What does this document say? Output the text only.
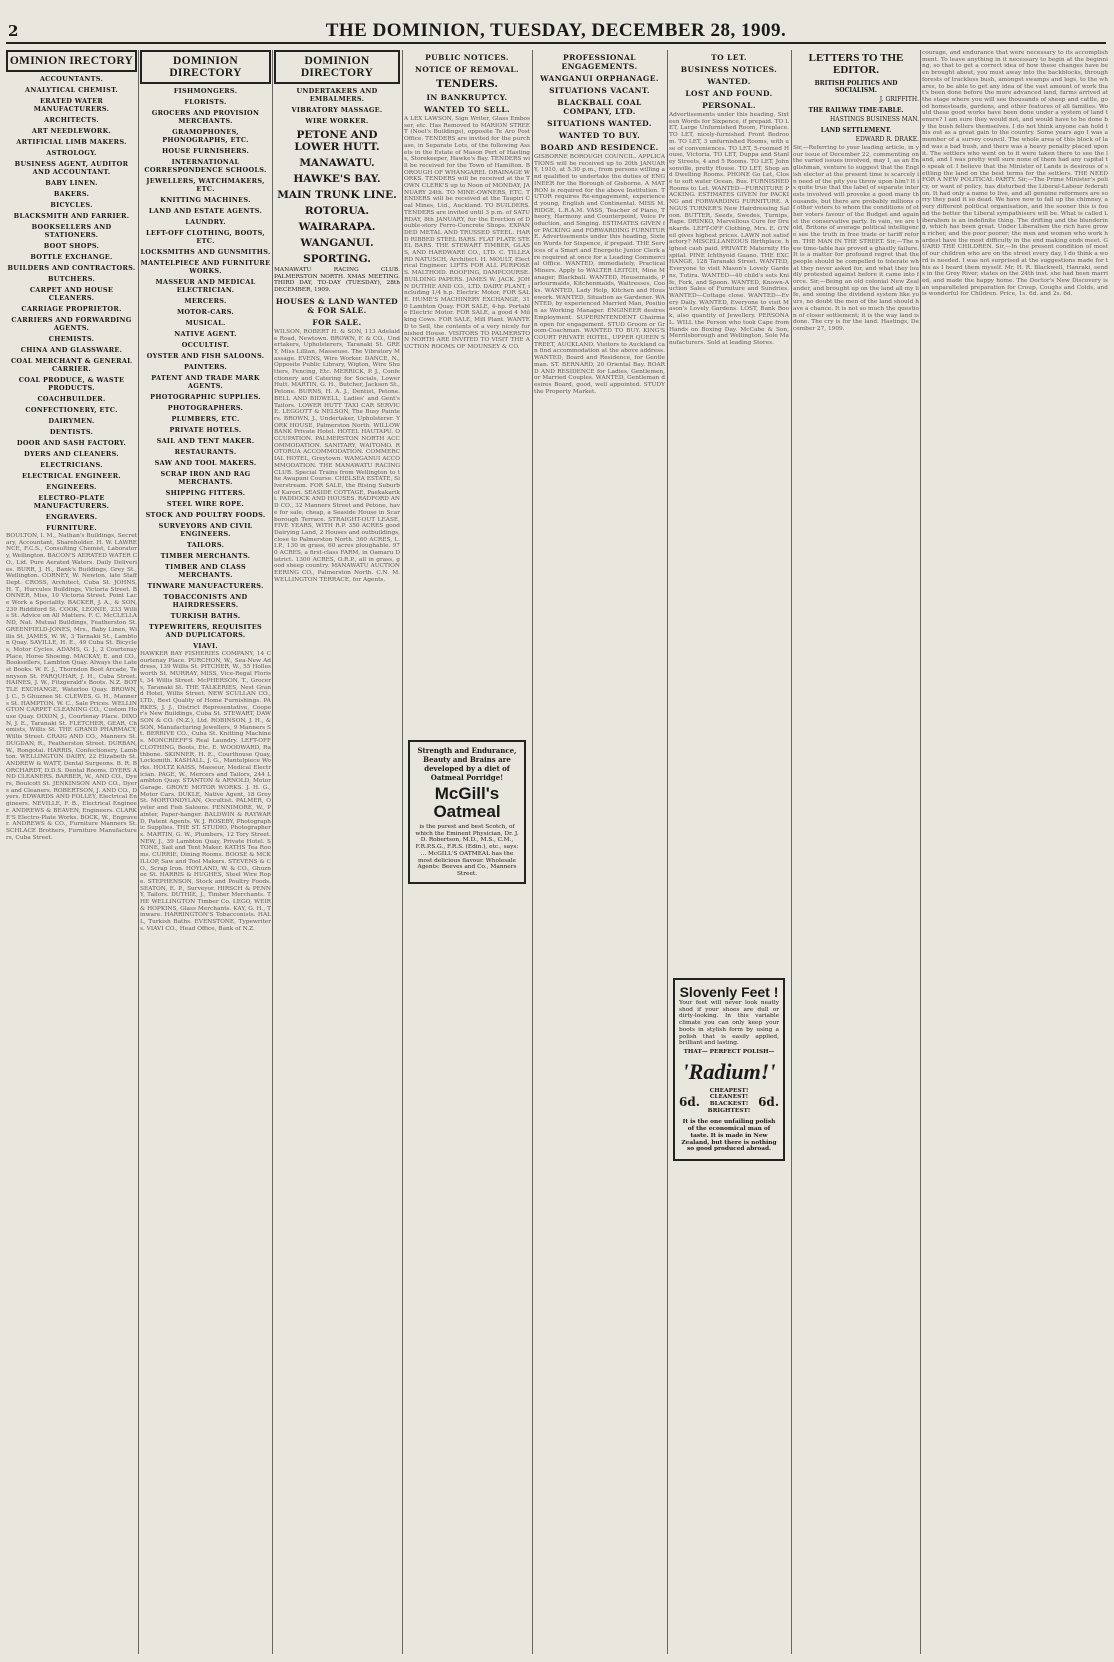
2	THE DOMINION, TUESDAY, DECEMBER 28, 1909.
OMINION IRECTORY
ACCOUNTANTS.
ANALYTICAL CHEMIST.
ERATED WATER MANUFACTURERS.
ARCHITECTS.
ART NEEDLEWORK.
ARTIFICIAL LIMB MAKERS.
ASTROLOGY.
BUSINESS AGENT, AUDITOR AND ACCOUNTANT.
BABY LINEN.
BAKERS.
BICYCLES.
BLACKSMITH AND FARRIER.
BOOKSELLERS AND STATIONERS.
BOOT SHOPS.
BOTTLE EXCHANGE.
BUILDERS AND CONTRACTORS.
BUTCHERS.
CARPET AND HOUSE CLEANERS.
CARRIAGE PROPRIETOR.
CARRIERS AND FORWARDING AGENTS.
CHEMISTS.
CHINA AND GLASSWARE.
COAL MERCHANT & GENERAL CARRIER.
COAL PRODUCE, & WASTE PRODUCTS.
COACHBUILDER.
CONFECTIONERY, ETC.
DAIRYMEN.
DENTISTS.
DOOR AND SASH FACTORY.
DYERS AND CLEANERS.
ELECTRICIANS.
ELECTRICAL ENGINEER.
ENGINEERS.
ELECTRO-PLATE MANUFACTURERS.
ENGRAVERS.
FURNITURE.
BOULTON, I. M., Nathan's Buildings, Secretary, Accountant, Shareholder. H. W. LAWRENCE, F.C.S., Consulting Chemist, Laboratory, Wellington. BACON'S AERATED WATER CO., Lid. Pure Aerated Waters. Daily Deliveries. BURR, J. H., Bank's Buildings, Grey St., Wellington. CORNEY, W. Newton, late Staff Dept. CROSS, Architect, Cuba St. JOHNS, H. T., Hurcules Buildings, Victoria Street. BONNER, Miss, 10 Victoria Street. Point Lace Work a Speciality. BACKER, J. A., & SON, 239 Riddiford St. COOK, LEONIE, 233 Willis St. Advice on All Matters. F. C. McCLELLAND, Nat. Mutual Buildings, Featherston St. GREENFIELD-JONES, Mrs., Baby Linen, Willis St. JAMES, W. W., 3 Tarnakii St., Lambton Quay. SAVILLE, H. E., 49 Cuba St. Bicycles, Motor Cycles. ADAMS, G. J., 2 Courtenay Place, Horse Shoeing. MACKAY, E. and CO., Booksellers, Lambton Quay. Always the Latest Books. W. E. J., Thorndon Boot Arcade, Tennyson St. FARQUHAR, J. H., Cuba Street. HAINES, J. W., Fitzgerald's Boots. N.Z. BOTTLE EXCHANGE, Waterloo Quay. BROWN, J. C., 5 Ghuznee St. CLEWES, G. H., Manners St. HAMPTON, W. C., Sale Prices. WELLINGTON CARPET CLEANING CO., Custom House Quay. DIXON, J., Courtenay Place. DIXON, J. E., Taranaki St. FLETCHER, GEAR, Chemists, Willis St. THE GRAND PHARMACY, Willis Street. CRAIG AND CO., Manners St. DUGDAN, R., Featherston Street. DURBAN, W., Rongotai. HARRIS, Confectionery, Lambton. WELLINGTON DAIRY, 22 Elizabeth St. ANDREW & WATT, Dental Surgeons. B. R. BORCHARDT, D.D.S. Dental Rooms. DYERS AND CLEANERS. BARBER, W., AND CO., Dyers, Boulcott St. JENKINSON AND CO., Dyers and Cleaners. ROBERTSON, J. AND CO., Dyers. EDWARDS AND FOLLEY, Electrical Engineers. NEVILLE, F. B., Electrical Engineer. ANDREWS & BEAVEN, Engineers. CLARKE'S Electro-Plate Works. BOCK, W., Engraver. ANDREWS & CO., Furniture Manners St. SCHLACE Brothers, Furniture Manufacturers, Cuba Street.
DOMINION DIRECTORY
FISHMONGERS.
FLORISTS.
GROCERS AND PROVISION MERCHANTS.
GRAMOPHONES, PHONOGRAPHS, ETC.
HOUSE FURNISHERS.
INTERNATIONAL CORRESPONDENCE SCHOOLS.
JEWELLERS, WATCHMAKERS, ETC.
KNITTING MACHINES.
LAND AND ESTATE AGENTS.
LAUNDRY.
LEFT-OFF CLOTHING, BOOTS, ETC.
LOCKSMITHS AND GUNSMITHS.
MANTELPIECE AND FURNITURE WORKS.
MASSEUR AND MEDICAL ELECTRICIAN.
MERCERS.
MOTOR-CARS.
MUSICAL.
NATIVE AGENT.
OCCULTIST.
OYSTER AND FISH SALOONS.
PAINTERS.
PATENT AND TRADE MARK AGENTS.
PHOTOGRAPHIC SUPPLIES.
PHOTOGRAPHERS.
PLUMBERS, ETC.
PRIVATE HOTELS.
SAIL AND TENT MAKER.
RESTAURANTS.
SAW AND TOOL MAKERS.
SCRAP IRON AND RAG MERCHANTS.
SHIPPING FITTERS.
STEEL WIRE ROPE.
STOCK AND POULTRY FOODS.
SURVEYORS AND CIVIL ENGINEERS.
TAILORS.
TIMBER MERCHANTS.
TIMBER AND CLASS MERCHANTS.
TINWARE MANUFACTURERS.
TOBACCONISTS AND HAIRDRESSERS.
TURKISH BATHS.
TYPEWRITERS, REQUISITES AND DUPLICATORS.
VIAVI.
HAWKER BAY FISHERIES COMPANY, 14 Courtenay Place. PURCHON, W., Sea-New Address, 139 Willis St. PITCHER, W., 55 Hollesworth St. MURRAY, MISS, Vice-Regal Florist, 34 Willis Street. McPHERSON, T., Grocers, Taranaki St. THE TALKERIES, Nest Grand Hotel, Willis Street. NEW SCULLAN CO., LTD., Best Quality of Home Furnishings. PARKES, J. J., District Representative, Cooper's New Buildings, Cuba St. STEWART, DAWSON & CO. (N.Z.), Ltd. ROBINSON, J. H., & SON, Manufacturing Jewellers, 9 Manners St. BERRIVE CO., Cuba St. Knitting Machines. MONCRIEFF'S Real Laundry. LEFT-OFF CLOTHING, Boots, Etc. E. WOODWARD, Rathbone. SKINNER, H. E., Courthouse Quay, Locksmith. KASHALL, J. G., Mantelpiece Works. HOLTZ KAISS, Masseur, Medical Electrician. PAGE, W., Mercers and Tailors, 244 Lambton Quay. STANTON & ARNOLD, Motor Garage. GROVE MOTOR WORKS. J. H. G., Motor Cars. DUKLE, Native Agent, 18 Grey St. MORTONDYLAN, Occultist. PALMER, Oyster and Fish Saloons. FENNIMORE, W., Painter, Paper-hanger. BALDWIN & RAYWARD, Patent Agents. W. J. ROSEBY, Photographic Supplies. THE ST. STUDIO, Photographers. MARTIN, G. W., Plumbers, 12 Tory Street. NEW, J., 39 Lambton Quay, Private Hotel. STONE, Sail and Tent Maker. KATHS Tea Rooms. CURRIE, Dining Rooms. BOOSE & MCKILLOP, Saw and Tool Makers. STEVENS & CO., Scrap Iron. HOYLAND, W. & CO., Ghuznee St. HARRIS & HUGHES, Steel Wire Rope. STEPHENSON, Stock and Poultry Foods. SEATON, E. P., Surveyor. HIRSCH & PENNY, Tailors. DUTHIE, J., Timber Merchants. THE WELLINGTON Timber Co. LEGO, WEIR & HOPKINS, Glass Merchants. KAY, G. H., Tinware. HARRINGTON'S Tobacconists. HALL, Turkish Baths. EVENSTONE, Typewriters. VIAVI CO., Head Office, Bank of N.Z.
DOMINION DIRECTORY
UNDERTAKERS AND EMBALMERS.
VIBRATORY MASSAGE.
WIRE WORKER.
PETONE AND LOWER HUTT.
MANAWATU.
HAWKE'S BAY.
MAIN TRUNK LINE.
ROTORUA.
WAIRARAPA.
WANGANUI.
SPORTING.
MANAWATU RACING CLUB. PALMERSTON NORTH. XMAS MEETING. THIRD DAY, TO-DAY (TUESDAY), 28th DECEMBER, 1909.
HOUSES & LAND WANTED & FOR SALE.
FOR SALE.
WILSON, ROBERT H. & SON, 113 Adelaide Road, Newtown. BROWN, F. & CO., Undertakers, Upholsterers, Taranaki St. GREY, Miss Lillian, Masseuse. The Vibratory Massage. EVENS, Wire Worker. DANCE, N., Opposite Public Library, Wigton, Wire Shutters, Fencing, Etc. MERRICK, P. J., Confectionery and Catering for Socials, Lower Hutt. MARTIN, G. H., Butcher, Jackson St., Petone. BURNS, H. A. J., Dentist, Petone. BELL AND BIDWELL, Ladies' and Gent's Tailors. LOWER HUTT TAXI CAR SERVICE. LEGGOTT & NELSON, The Busy Painters. BROWN, J., Undertaker, Upholsterer. YORK HOUSE, Palmerston North. WILLOW BANK Private Hotel. HOTEL HAUTAPU. OCCUPATION. PALMERSTON NORTH ACCOMMODATION. SANITARY, WAITOMO. ROTORUA ACCOMMODATION. COMMERCIAL HOTEL, Greytown. WANGANUI ACCOMMODATION. THE MANAWATU RACING CLUB. Special Trains from Wellington to the Awapuni Course. CHELSEA ESTATE, Silverstream. FOR SALE, the Rising Suburb of Karori. SEASIDE COTTAGE, Paekakariki. PADDOCK AND HOUSES. RADFORD AND CO., 32 Manners Street and Petone, have for sale, cheap, a Seaside House in Scarborough Terrace. STRAIGHT-OUT LEASE, FIVE YEARS, WITH R.P. 350 ACRES good Dairying Land, 2 Houses and outbuildings, close to Palmerston North. 360 ACRES, L.I.P., 130 in grass, 60 acres ploughable. 970 ACRES, a first-class FARM, in Oamaru District. 1300 ACRES, O.R.P., all in grass, good sheep country. MANAWATU AUCTIONEERING CO., Palmerston North. C.N. M. WELLINGTON TERRACE, for Agents.
PUBLIC NOTICES.
NOTICE OF REMOVAL.
TENDERS.
IN BANKRUPTCY.
WANTED TO SELL.
A LEX LAWSON, Sign Writer, Glass Embosser, etc. Has Removed to MARION STREET (Noel's Buildings), opposite Te Aro Post Office. TENDERS are invited for the purchase, in Separate Lots, of the following Assets in the Estate of Mason Pert of Hastings, Storekeeper, Hawke's Bay. TENDERS will be received for the Town of Hamilton. BOROUGH OF WHANGAREI. DRAINAGE WORKS. TENDERS will be received at the TOWN CLERK'S up to Noon of MONDAY, JANUARY 24th. TO MINE-OWNERS, ETC. TENDERS will be received at the Taupiri Coal Mines, Ltd., Auckland. TO BUILDERS. TENDERS are invited until 3 p.m. of SATURDAY, 8th JANUARY, for the Erection of Double-story Ferro-Concrete Shops. EXPANDED METAL AND TRUSSED STEEL. HARD RIBBED STEEL BARS. FLAT PLATE STEEL BARS. THE STEWART TIMBER, GLASS, AND HARDWARE CO., LTD. C. TILLEARD NATUSCH, Architect. H. MOULT, Electrical Engineer. LIFTS FOR ALL PURPOSES. MALTHOID. ROOFING, DAMPCOURSE. BUILDING PAPERS. JAMES W. JACK. JOHN DUTHIE AND CO., LTD. DAIRY PLANT, including 1/4 h.p. Electric Motor, FOR SALE. HUME'S MACHINERY EXCHANGE, 310 Lambton Quay. FOR SALE, 4-hp. Portable Electric Motor. FOR SALE, a good 4 Milking Cows. FOR SALE, Mill Plant. WANTED to Sell, the contents of a very nicely furnished House. VISITORS TO PALMERSTON NORTH ARE INVITED TO VISIT THE AUCTION ROOMS OF MOUNSEY & CO.
Strength and Endurance, Beauty and Brains are developed by a diet of Oatmeal Porridge!
McGill's Oatmeal
is the purest and best Scotch, of which the Eminent Physician, Dr. J. D. Robertson, M.D., M.S., C.M., F.R.P.S.G., F.R.S. (Edin.), etc., says: ... McGILL'S OATMEAL has the most delicious flavour. Wholesale Agents: Beeves and Co., Manners Street.
PROFESSIONAL ENGAGEMENTS.
WANGANUI ORPHANAGE.
SITUATIONS VACANT.
BLACKBALL COAL COMPANY, LTD.
SITUATIONS WANTED.
WANTED TO BUY.
BOARD AND RESIDENCE.
GISBORNE BOROUGH COUNCIL. APPLICATIONS will be received up to 20th JANUARY, 1910, at 5.30 p.m., from persons willing and qualified to undertake the duties of ENGINEER for the Borough of Gisborne. A MATRON is required for the above Institution. TUTOR requires Re-engagement, experienced young, English and Continental. MISS M. RIDGE, L.R.A.M. VASS, Teacher of Piano, Theory, Harmony and Counterpoint, Voice Production, and Singing. ESTIMATES GIVEN for PACKING and FORWARDING FURNITURE. Advertisements under this heading, Sixteen Words for Sixpence, if prepaid. THE Services of a Smart and Energetic Junior Clerk are required at once for a Leading Commercial Office. WANTED, immediately, Practical Miners. Apply to WALTER LEITCH, Mine Manager, Blackball. WANTED, Housemaids, Parlourmaids, Kitchenmaids, Waitresses, Cooks. WANTED, Lady Help, Kitchen and Housework. WANTED, Situation as Gardener. WANTED, by experienced Married Man, Position as Working Manager. ENGINEER desires Employment. SUPERINTENDENT Chairman open for engagement. STUD Groom or Groom-Coachman. WANTED TO BUY. KING'S COURT PRIVATE HOTEL, UPPER QUEEN STREET, AUCKLAND. Visitors to Auckland can find accommodation at the above address. WANTED, Board and Residence, for Gentleman. ST. BERNARD, 20 Oriental Bay. BOARD AND RESIDENCE for Ladies, Gentlemen, or Married Couples. WANTED, Gentleman desires Board, good, well appointed. STUDY the Property Market.
TO LET.
BUSINESS NOTICES.
WANTED.
LOST AND FOUND.
PERSONAL.
Advertisements under this heading, Sixteen Words for Sixpence, if prepaid. TO LET, Large Unfurnished Room, Fireplace. TO LET, nicely-furnished Front Bedroom. TO LET, 3 unfurnished Rooms, with use of conveniences. TO LET, 5-roomed House, Victoria. TO LET, Duppa and Stanley Streets, 4 and 5 Rooms. TO LET, Johnsonville, pretty House. TO LET, Shop and Dwelling Rooms. PHONE Go Let, Close to soft water Ocean, Bus. FURNISHED Rooms to Let. WANTED—FURNITURE PACKING. ESTIMATES GIVEN for PACKING and FORWARDING FURNITURE. ANGUS TURNER'S New Hairdressing Saloon. BUTTER, Seeds, Swedes, Turnips, Rape. DRINKO, Marvellous Cure for Drunkards. LEFT-OFF Clothing, Mrs. E. O'Neil gives highest prices. LAWN not satisfactory? MISCELLANEOUS Birthplace, highest cash paid. PRIVATE Maternity Hospital. PINE Ichthyoid Guano. THE EXCHANGE, 128 Taranaki Street. WANTED, Everyone to visit Mason's Lovely Gardens, Tutira. WANTED—40 child's sets Knife, Fork, and Spoon. WANTED, Known-Auction Sales of Furniture and Sundries. WANTED—Cottage close. WANTED—Every Daily. WANTED, Everyone to visit Mason's Lovely Gardens. LOST, Bank Book, also quantity of Jewellery. PERSONAL. WILL the Person who took Cape from Hands on Boxing Day. McCabe & Son, Merrilsborough and Wellington, Sole Manufacturers. Sold at leading Stores.
Slovenly Feet !
Your feet will never look neatly shod if your shoes are dull or dirty-looking. In this variable climate you can only keep your boots in stylish form by using a polish that is easily applied, brilliant and lasting.
THAT— PERFECT POLISH—
'Radium!'
6d.
CHEAPEST! CLEANEST! BLACKEST! BRIGHTEST!
6d.
It is the one unfailing polish of the economical man of taste. It is made in New Zealand, but there is nothing so good produced abroad.
LETTERS TO THE EDITOR.
BRITISH POLITICS AND SOCIALISM.
J. GRIFFITH.
THE RAILWAY TIME-TABLE.
HASTINGS BUSINESS MAN.
LAND SETTLEMENT.
EDWARD R. DRAKE.
Sir,—Referring to your leading article, in your issue of December 22, commenting on the varied issues involved, may I, as an Englishman, venture to suggest that the English elector at the present time is scarcely in need of the pity you throw upon him? It is quite true that the label of separate interests involved will provoke a good many thousands, but there are probably millions of other voters to whom the conditions of other voters favour of the Budget and against the conservative party. In vain, we are told, Britons of average political intelligence see the truth in free trade or tariff reform. THE MAN IN THE STREET. Sir,—The new time-table has proved a ghastly failure. It is a matter for profound regret that the people should be compelled to tolerate what they never asked for, and what they loudly protested against before it came into force. Sir,—Being an old colonial New Zealander, and brought up on the land all my life, and seeing the dividend system like yours, no doubt the men of the land should have a chance. It is not so much the question of closer settlement; it is the way land is done. The cry is for the land. Hastings, December 27, 1909.
courage, and endurance that were necessary to its accomplishment. To leave anything in it necessary to begin at the beginning, so that to get a correct idea of how these changes have been brought about, you must away into the backblocks, through forests of trackless bush, amongst swamps and logs, to the whares, to be able to get any idea of the vast amount of work that's been done before the more advanced land, farms arrived at the stage where you will see thousands of sheep and cattle, good homesteads, gardens, and other features of all families. Would these good works have been done under a system of land tenure? I am sure they would not, and would have to be done by the bush fellers themselves. I do not think anyone can hold this out as a great gain to the country. Some years ago I was a member of a survey council. The whole area of this block of land was a bad bush, and there was a heavy penalty placed upon it. The settlers who went on to it were taken there to see the land, and I was pretty well sure none of them had any capital to speak of. I believe that the Minister of Lands is desirous of settling the land on the best terms for the settlers. THE NEED FOR A NEW POLITICAL PARTY. Sir,—The Prime Minister's policy, or want of policy, has disturbed the Liberal-Labour federation. It had only a name to live, and all genuine reformers are sorry they paid it so dead. We have now to fall up the chimney, a very different political organisation, and the sooner this is found the better the Liberal sympathisers will be. What is called Liberalism is an indefinite thing. The drifting and the blundering, which has been great. Under Liberalism the rich have grown richer, and the poor poorer; the men and women who work hardest have the most difficulty in the end making ends meet. GUARD THE CHILDREN. Sir,—In the present condition of most of our children who are on the street every day, I do think a word is needed. I was not surprised at the suggestions made for this as I heard them myself. Mr. H. R. Blackwell, Hanraki, sends in the Grey River, states on the 24th inst. she had been married, and made the happy home. The Doctor's New Discovery is an unparalleled preparation for Croup, Coughs and Colds, and is wonderful for Children. Price, 1s. 6d. and 2s. 6d.
